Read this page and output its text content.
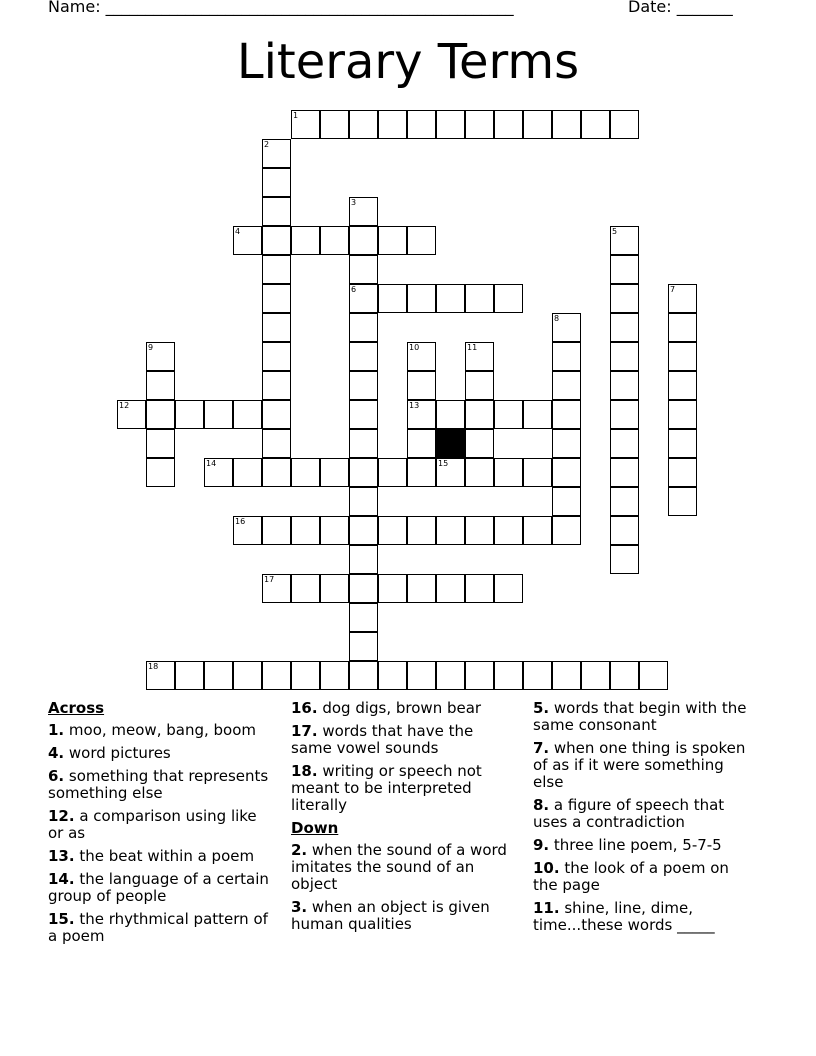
Name: ___________________________________________________	Date: _______
Literary Terms
1
2
3
6
4	5
7
8
9	10
13
11
12
14	15
16
17
18
Across
1. moo, meow, bang, boom
4. word pictures
6. something that represents something else
12. a comparison using like or as
13. the beat within a poem
14. the language of a certain group of people
15. the rhythmical pattern of a poem
16. dog digs, brown bear
17. words that have the same vowel sounds
18. writing or speech not meant to be interpreted literally
Down
2. when the sound of a word imitates the sound of an object
3. when an object is given human qualities
5. words that begin with the same consonant
7. when one thing is spoken of as if it were something else
8. a figure of speech that uses a contradiction
9. three line poem, 5-7-5
10. the look of a poem on the page
11. shine, line, dime, time...these words _____
